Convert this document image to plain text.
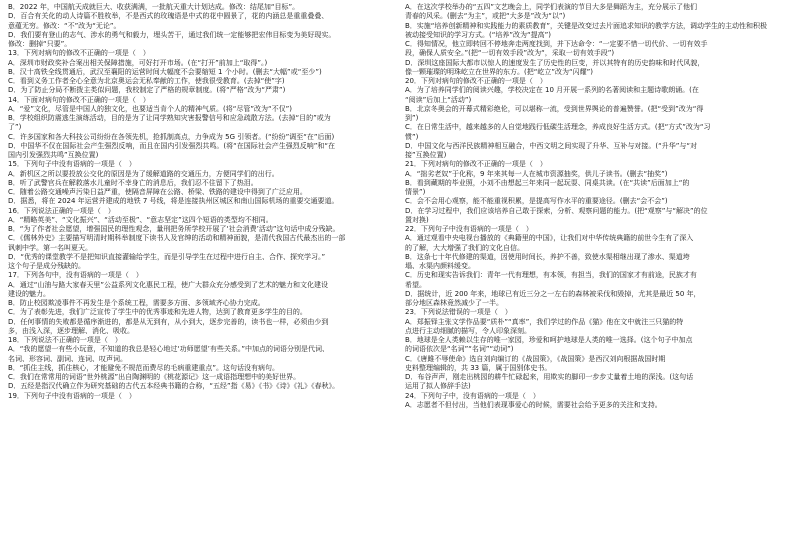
B．2022 年，中国航天成就巨大、收获满满，一批航天重大计划达成。修改：结尾加“目标”。
D．百合有关化的动人诗篇不胜枚举，不是西式的玫瑰语是中式的花中圆景了，花的内涵总是重重叠叠、
意蕴无穷。修改：“不”改为“无论”。
D．我们要有登山的志气、涉水的勇气和毅力，埋头苦干，通过我们统一定能够把宏伟目标变为美好现实。
修改：删掉“只要”。
13．下列对病句的修改不正确的一项是（　）
A．深圳市财政奖补合案出相关保障措施，可好打开市场。(在“打开”前加上“取得”。)
B．汉十高铁全线贯通后，武汉至襄阳的运营时间大幅度不会要缩短 1 个小时。(删去“大幅”或“至少”)
C．看到义务工作者全心全意为北京奥运会无私奉献的工作，使我很受教育。(去掉“使”字)
D．为了防止分局不断拨主类似问题，我校制定了严格的规章制度。(将“严格”改为“严肃”)
14．下面对病句的修改不正确的一项是（　）
A．“爱”文化，尽管是中国人的独文化，也要适当肯个人的精神气质。(将“尽管”改为“不仅”)
B．学校组织防震逃生演练活动，目的是为了让同学熟知灾害报警信号和应急疏散方法。(去掉“目的”或为
了”)
C．许多国家和各大科技公司纷纷在各领先机，抢抓制高点，力争成为 5G 引领者。(“纷纷”调至“在”后面)
D．中国华不仅在国际社会产生强烈反响，而且在国内引发强烈共鸣。(将“在国际社会产生强烈反响”和“在
国内引发强烈共鸣”互换位置)
15．下列句子中没有语病的一项是（　）
A．新机区之所以要投放公交化的原因是为了缓解道路的交通压力，方便同学们的出行。
B．听了武警官兵在解救落水儿童时不幸身亡的消息后，我们忍不住留下了热泪。
C．随着公路交通噪声污染日益严重，使隔音屏障在公路、桥梁、铁路的建设中得到了广泛应用。
D．据悉，将在 2024 年运营并建成的地铁 7 号线，将是连接执州区城区和南山国际机场的重要交通要道。
16．下列说法正确的一项是（　）
A．“精略英美”、“文化振兴”、“活动至极”、“意志坚定”这四个短语的类型均不相同。
B．“为了作者社会愿望，增强国民的理性观念，量刑把务所学校开展了‘社会消费’活动”这句话中成分残缺。
C．《儒林外史》主要描写明清时期科举制度下读书人及官绅的活动和精神面貌，是清代我国古代最杰出的一部
讽刺中学。第一名叫夏天。
D．“优秀的课堂教学不是把知识直接灌输给学生，而是引导学生在过程中进行自主、合作、探究学习。”
这个句子是成分残缺的。
17．下列各句中，没有语病的一项是（　）
A．通过“山油与路大家春天里”公益系列文化惠民工程，使广大群众充分感受到了艺术的魅力和文化建设
建设的魅力。
B．防止校园欺凌事件不再发生是个系统工程，需要多方面、多领域齐心协力完成。
C．为了表彰先进，我们广泛宣传了学生中的优秀事迹和先进人物，达到了教育更多学生的目的。
D．任何事情的失败都是循序渐进的，都是从无到有，从小到大，逐步完善的，读书也一样，必须由少到
多，由浅入深，逐步理解、消化、吸收。
18．下列说法不正确的一项是（　）
A．“我的愿望一有些小玩意，不知道的我总是轻心地过‘功师愿望’有些关系。”中加点的词语分别是代词、
名词、形容词、副词、连词、叹声词。
B．“抓住主线，抓住核心，才能避免不规范而费尽的毛病重建重点”。这句话没有病句。
C．我们在常常用的词语“世外桃源”出自陶渊明的《桃花源记》这一成语指理想中的美好世界。
D．五经是指汉代确立作为研究基础的古代五本经典书籍的合称，“五经”指《易》《书》《诗》《礼》《春秋》。
19．下列句子中没有语病的一项是（　）
A．在这次学校举办的“五四”文艺晚会上，同学们表演的节目大多是舞蹈为主，充分展示了他们
青春的风采。(删去“为主”，或把“大多是”改为“以”)
B．实施“培养创新精神和实践能力的素质教育”，关键是改变过去片面追求知识的教学方法，调动学生的主动性和积极
被动接受知识的学习方式。(“培养”改为“提高”)
C．得知情况，他立即转回不停地奔走两度找到，并下达命令：“一定要不惜一切代价、一切有效手
段，确保人质安全。”(把“一切有效手段”改为“，采取一切有效手段”)
D．深圳这座国际大都市以惊人的速度发生了历史性的巨变，并以其特有的历史韵味和时代风貌，
像一颗璀璨的明珠屹立在世界的东方。(把“屹立”改为“闪耀”)
20．下列对病句的修改不正确的一项是（　）
A．为了培养同学们的阅读兴趣，学校决定在 10 月开展一系列的名著阅读和主题诗歌朗诵。(在
“阅读”后加上“活动”)
B．北京冬奥会的开幕式精彩绝伦，可以堪称一流，受到世界舆论的普遍赞誉。(把“受到”改为“得
到”)
C．在日常生活中，越来越多的人自觉地践行低碳生活理念，养成良好生活方式。(把“方式”改为“习
惯”)
D．中国文化与西洋民族精神相互融合，中西文明之间实现了升华、互补与对接。(“升华”与“对
接”互换位置)
21．下列对病句的修改不正确的一项是（　）
A．“拙劣老奴”于化称，9 年来其每一人在城市资源抽奖，供儿子读书。(删去“抽奖”)
B．看到藏期的毕业照，小刘不由想起三年来同一起玩耍、同桌共读。(在“共读”后面加上“的
情景”)
C．会不会用心观察，能不能重视积累，是提高写作水平的重要途径。(删去“会不会”)
D．在学习过程中，我们应该培养自己敢于探索，分析、观察问题的能力。(把“观察”与“解决”的位
置对换)
22．下列句子中没有语病的一项是（　）
A．通过观看中央电视台播放的《典籍里的中国》，让我们对中华传统典籍的前世今生有了深入
的了解，大大增强了我们的文化自信。
B．这条七十年代修建的渠道，因使用时间长，养护不善，致使水渠相继出现了渗水、渠道垮
塌、水渠内颜料缓变。
C．历史和现实告诉我们：青年一代有理想，有本领，有担当，我们的国家才有前途，民族才有
希望。
D．据统计，近 200 年来，地球已有近三分之一左右的森林被采伐和毁掉，尤其是最近 50 年，
部分地区森林竟然减少了一半。
23．下列说法错误的一项是（　）
A．郑振铎主张文学作品要“质朴”“真率”，我们学过的作品《猫》他在文中就注三只猫的特
点进行主动细腻的描写，令人印象深刻。
B．地球是全人类赖以生存的唯一家园，珍爱和呵护地球是人类的唯一选择。(这个句子中加点
的词语依次是“名词”“名词”“动词”)
C．《唐雎不辱使命》选自刘向编订的《战国策》，《战国策》是西汉刘向根据战国时期
史料整理编辑的，共 33 篇，属于国别体史书。
D．布谷声声，刚走出桃园的耕牛忙碌起来，用欺实的脚印一步步丈量着土地的深浅。(这句话
运用了拟人修辞手法)
24．下列句子中，没有语病的一项是（　）
A．志愿者不但付出，当他们表现事爱心的时候，需要社会给予更多的关注和支持。
